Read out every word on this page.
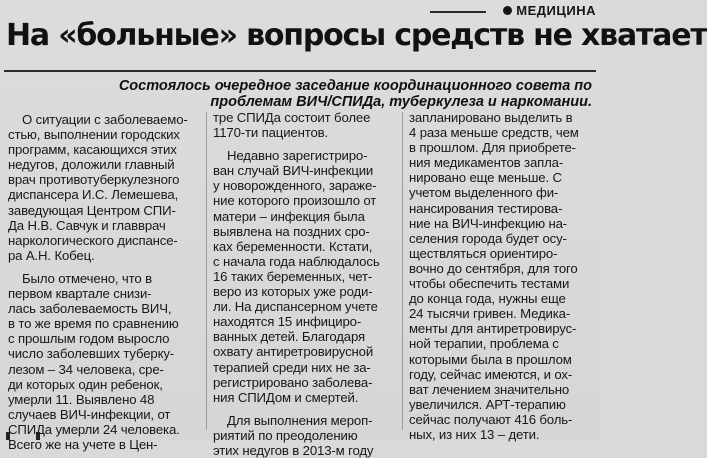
МЕДИЦИНА
На «больные» вопросы средств не хватает
Состоялось очередное заседание координационного совета по
проблемам ВИЧ/СПИДа, туберкулеза и наркомании.

О ситуации с заболеваемо-

стью, выполнении городских

программ, касающихся этих

недугов, доложили главный

врач противотуберкулезного

диспансера И.С. Лемешева,

заведующая Центром СПИ-

Да Н.В. Савчук и главврач

наркологического диспансе-

ра А.Н. Кобец.

Было отмечено, что в

первом квартале снизи-

лась заболеваемость ВИЧ,

в то же время по сравнению

с прошлым годом выросло

число заболевших туберку-

лезом – 34 человека, сре-

ди которых один ребенок,

умерли 11. Выявлено 48

случаев ВИЧ-инфекции, от

СПИДа умерли 24 человека.

Всего же на учете в Цен-

тре СПИДа состоит более

1170-ти пациентов.

Недавно зарегистриро-

ван случай ВИЧ-инфекции

у новорожденного, зараже-

ние которого произошло от

матери – инфекция была

выявлена на поздних сро-

ках беременности. Кстати,

с начала года наблюдалось

16 таких беременных, чет-

веро из которых уже роди-

ли. На диспансерном учете

находятся 15 инфициро-

ванных детей. Благодаря

охвату антиретровирусной

терапией среди них не за-

регистрировано заболева-

ния СПИДом и смертей.

Для выполнения мероп-

риятий по преодолению

этих недугов в 2013-м году

запланировано выделить в

4 раза меньше средств, чем

в прошлом. Для приобрете-

ния медикаментов запла-

нировано еще меньше. С

учетом выделенного фи-

нансирования тестирова-

ние на ВИЧ-инфекцию на-

селения города будет осу-

ществляться ориентиро-

вочно до сентября, для того

чтобы обеспечить тестами

до конца года, нужны еще

24 тысячи гривен. Медика-

менты для антиретровирус-

ной терапии, проблема с

которыми была в прошлом

году, сейчас имеются, и ох-

ват лечением значительно

увеличился. АРТ-терапию

сейчас получают 416 боль-

ных, из них 13 – дети.
